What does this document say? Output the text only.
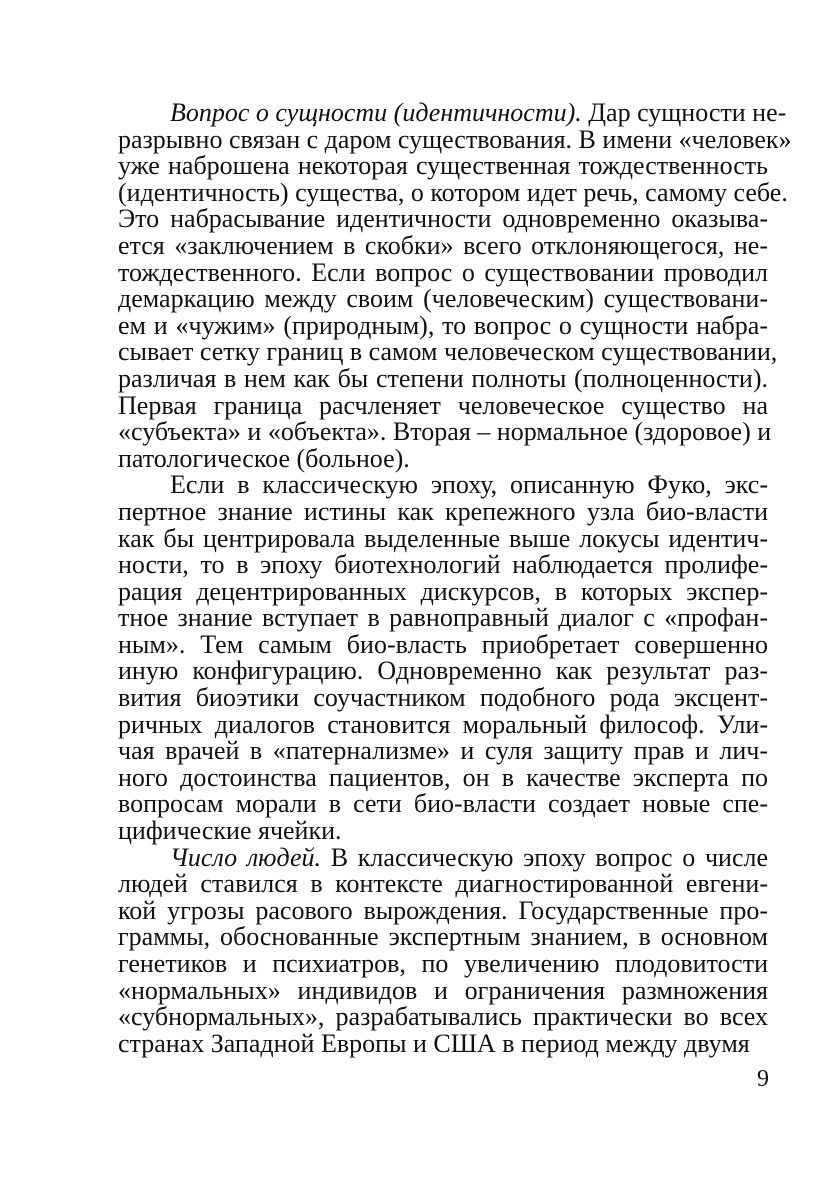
Вопрос о сущности (идентичности). Дар сущности не-
разрывно связан с даром существования. В имени «человек»
уже наброшена некоторая существенная тождественность
(идентичность) существа, о котором идет речь, самому себе.
Это набрасывание идентичности одновременно оказыва-
ется «заключением в скобки» всего отклоняющегося, не-
тождественного. Если вопрос о существовании проводил
демаркацию между своим (человеческим) существовани-
ем и «чужим» (природным), то вопрос о сущности набра-
сывает сетку границ в самом человеческом существовании,
различая в нем как бы степени полноты (полноценности).
Первая граница расчленяет человеческое существо на
«субъекта» и «объекта». Вторая – нормальное (здоровое) и
патологическое (больное).
Если в классическую эпоху, описанную Фуко, экс-
пертное знание истины как крепежного узла био-власти
как бы центрировала выделенные выше локусы идентич-
ности, то в эпоху биотехнологий наблюдается пролифе-
рация децентрированных дискурсов, в которых экспер-
тное знание вступает в равноправный диалог с «профан-
ным». Тем самым био-власть приобретает совершенно
иную конфигурацию. Одновременно как результат раз-
вития биоэтики соучастником подобного рода эксцент-
ричных диалогов становится моральный философ. Ули-
чая врачей в «патернализме» и суля защиту прав и лич-
ного достоинства пациентов, он в качестве эксперта по
вопросам морали в сети био-власти создает новые спе-
цифические ячейки.
Число людей. В классическую эпоху вопрос о числе
людей ставился в контексте диагностированной евгени-
кой угрозы расового вырождения. Государственные про-
граммы, обоснованные экспертным знанием, в основном
генетиков и психиатров, по увеличению плодовитости
«нормальных» индивидов и ограничения размножения
«субнормальных», разрабатывались практически во всех
странах Западной Европы и США в период между двумя
9
